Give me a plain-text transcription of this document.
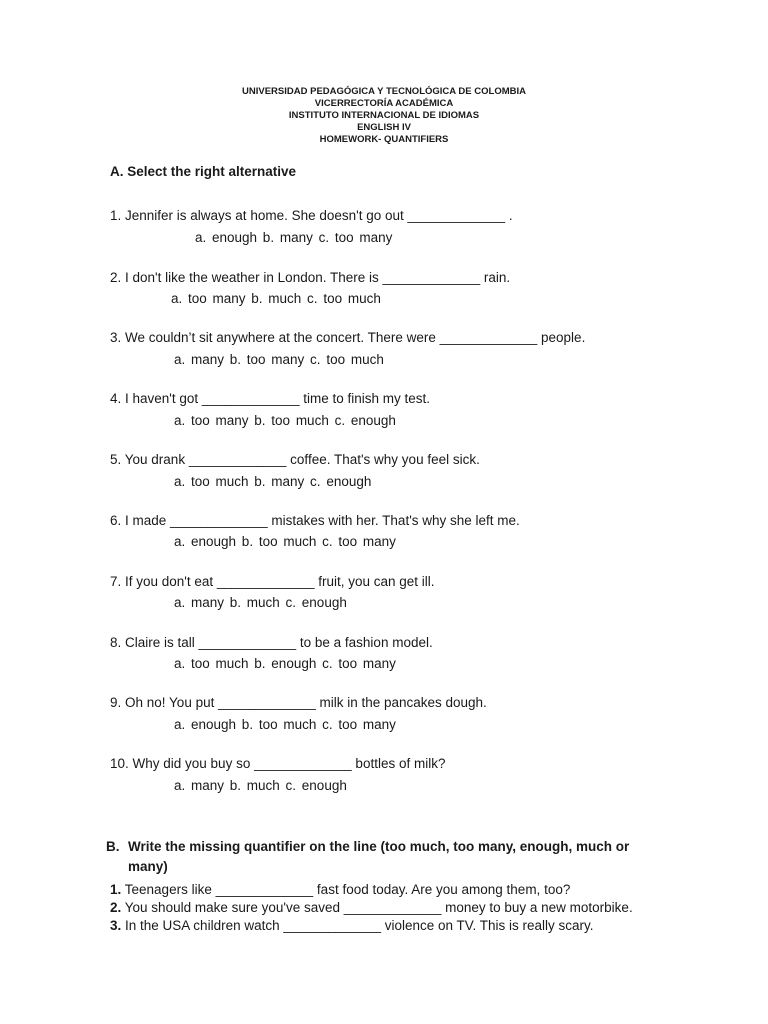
UNIVERSIDAD PEDAGÓGICA Y TECNOLÓGICA DE COLOMBIA
VICERRECTORÍA ACADÉMICA
INSTITUTO INTERNACIONAL DE IDIOMAS
ENGLISH IV
HOMEWORK- QUANTIFIERS
A. Select the right alternative
1. Jennifer is always at home. She doesn't go out _____________ .
a. enough b. many c. too many
2. I don't like the weather in London. There is _____________ rain.
a. too many b. much c. too much
3. We couldn’t sit anywhere at the concert. There were _____________ people.
a. many b. too many c. too much
4. I haven't got _____________ time to finish my test.
a. too many b. too much c. enough
5. You drank _____________ coffee. That's why you feel sick.
a. too much b. many c. enough
6. I made _____________ mistakes with her. That's why she left me.
a. enough b. too much c. too many
7. If you don't eat _____________ fruit, you can get ill.
a. many b. much c. enough
8. Claire is tall _____________ to be a fashion model.
a. too much b. enough c. too many
9. Oh no! You put _____________ milk in the pancakes dough.
a. enough b. too much c. too many
10. Why did you buy so _____________ bottles of milk?
a. many b. much c. enough
B. Write the missing quantifier on the line (too much, too many, enough, much or many)
1. Teenagers like _____________ fast food today. Are you among them, too?
2. You should make sure you've saved _____________ money to buy a new motorbike.
3. In the USA children watch _____________ violence on TV. This is really scary.
